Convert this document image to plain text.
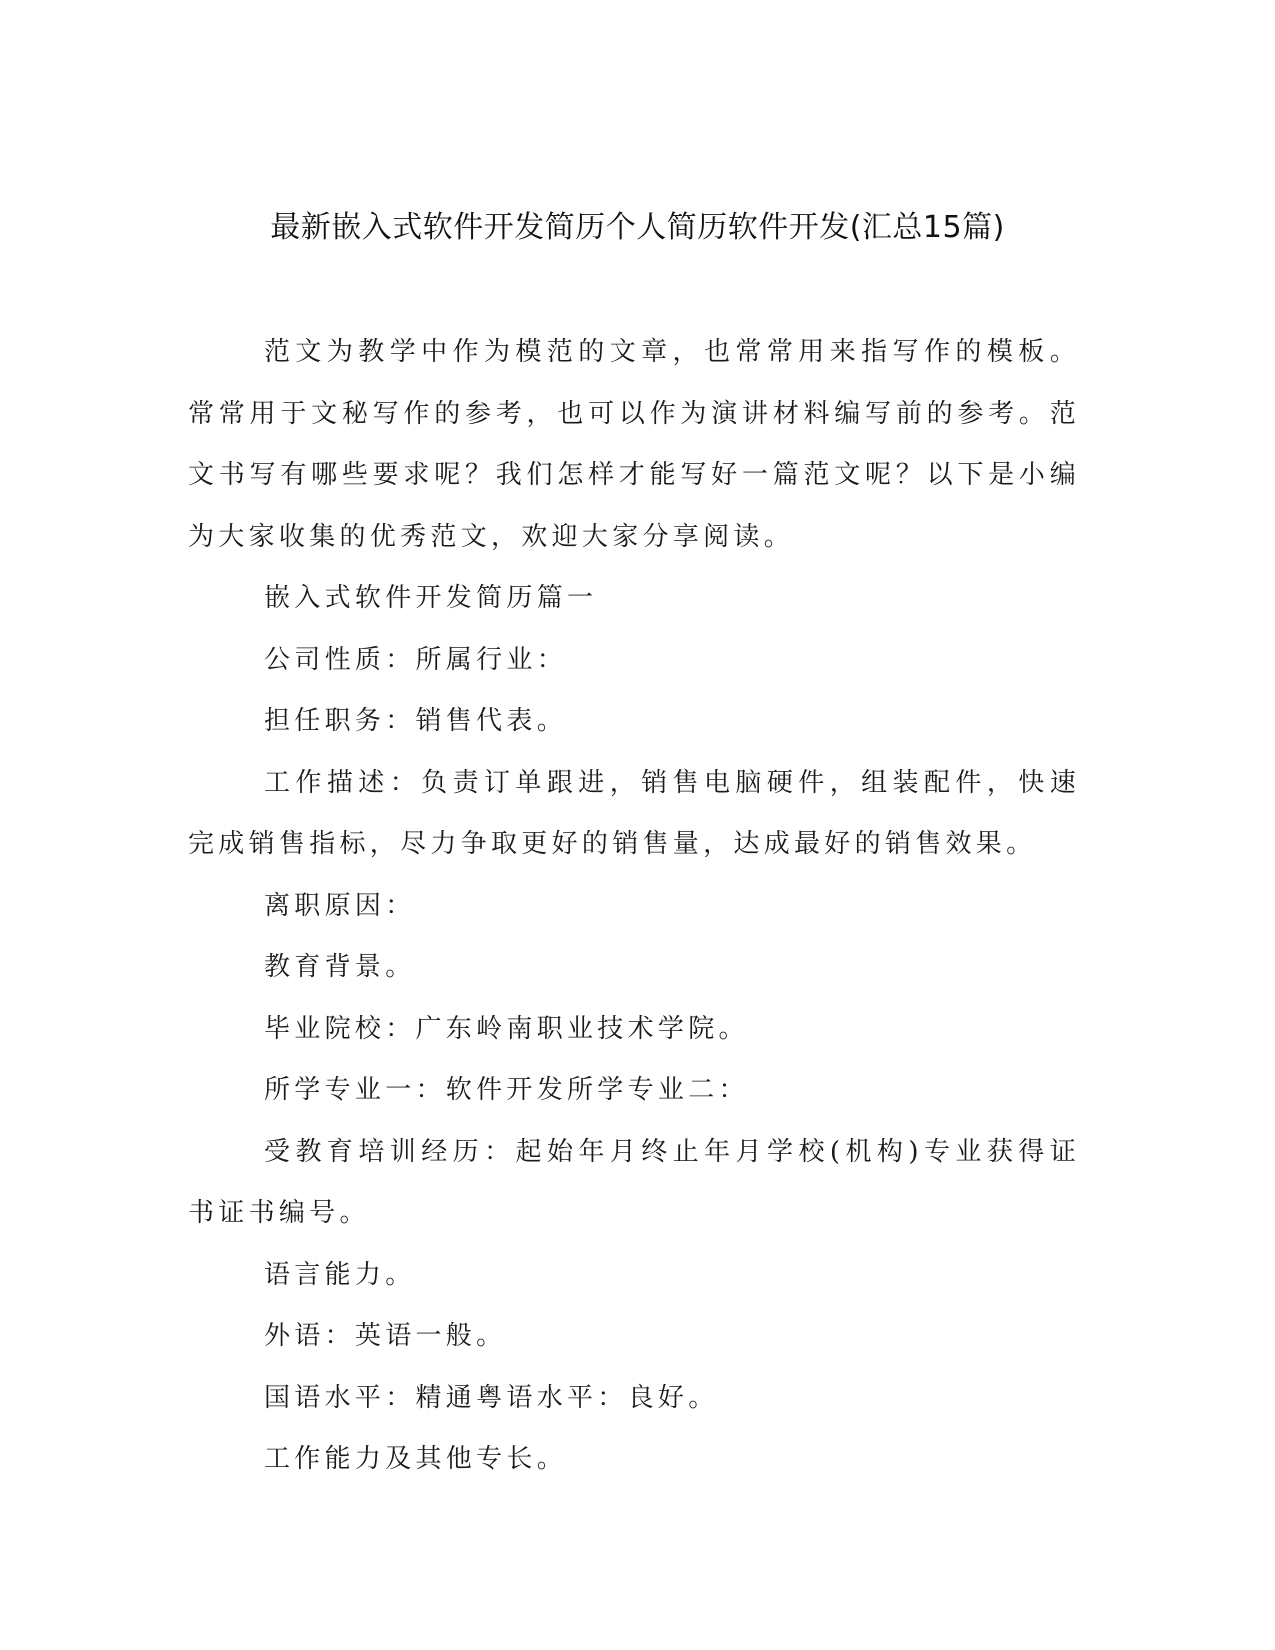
最新嵌入式软件开发简历个人简历软件开发(汇总15篇)

范文为教学中作为模范的文章，也常常用来指写作的模板。常常用于文秘写作的参考，也可以作为演讲材料编写前的参考。范文书写有哪些要求呢？我们怎样才能写好一篇范文呢？以下是小编为大家收集的优秀范文，欢迎大家分享阅读。

嵌入式软件开发简历篇一

公司性质：所属行业：

担任职务：销售代表。

工作描述：负责订单跟进，销售电脑硬件，组装配件，快速完成销售指标，尽力争取更好的销售量，达成最好的销售效果。

离职原因：

教育背景。

毕业院校：广东岭南职业技术学院。

所学专业一：软件开发所学专业二：

受教育培训经历：起始年月终止年月学校(机构)专业获得证书证书编号。

语言能力。

外语：英语一般。

国语水平：精通粤语水平：良好。

工作能力及其他专长。
